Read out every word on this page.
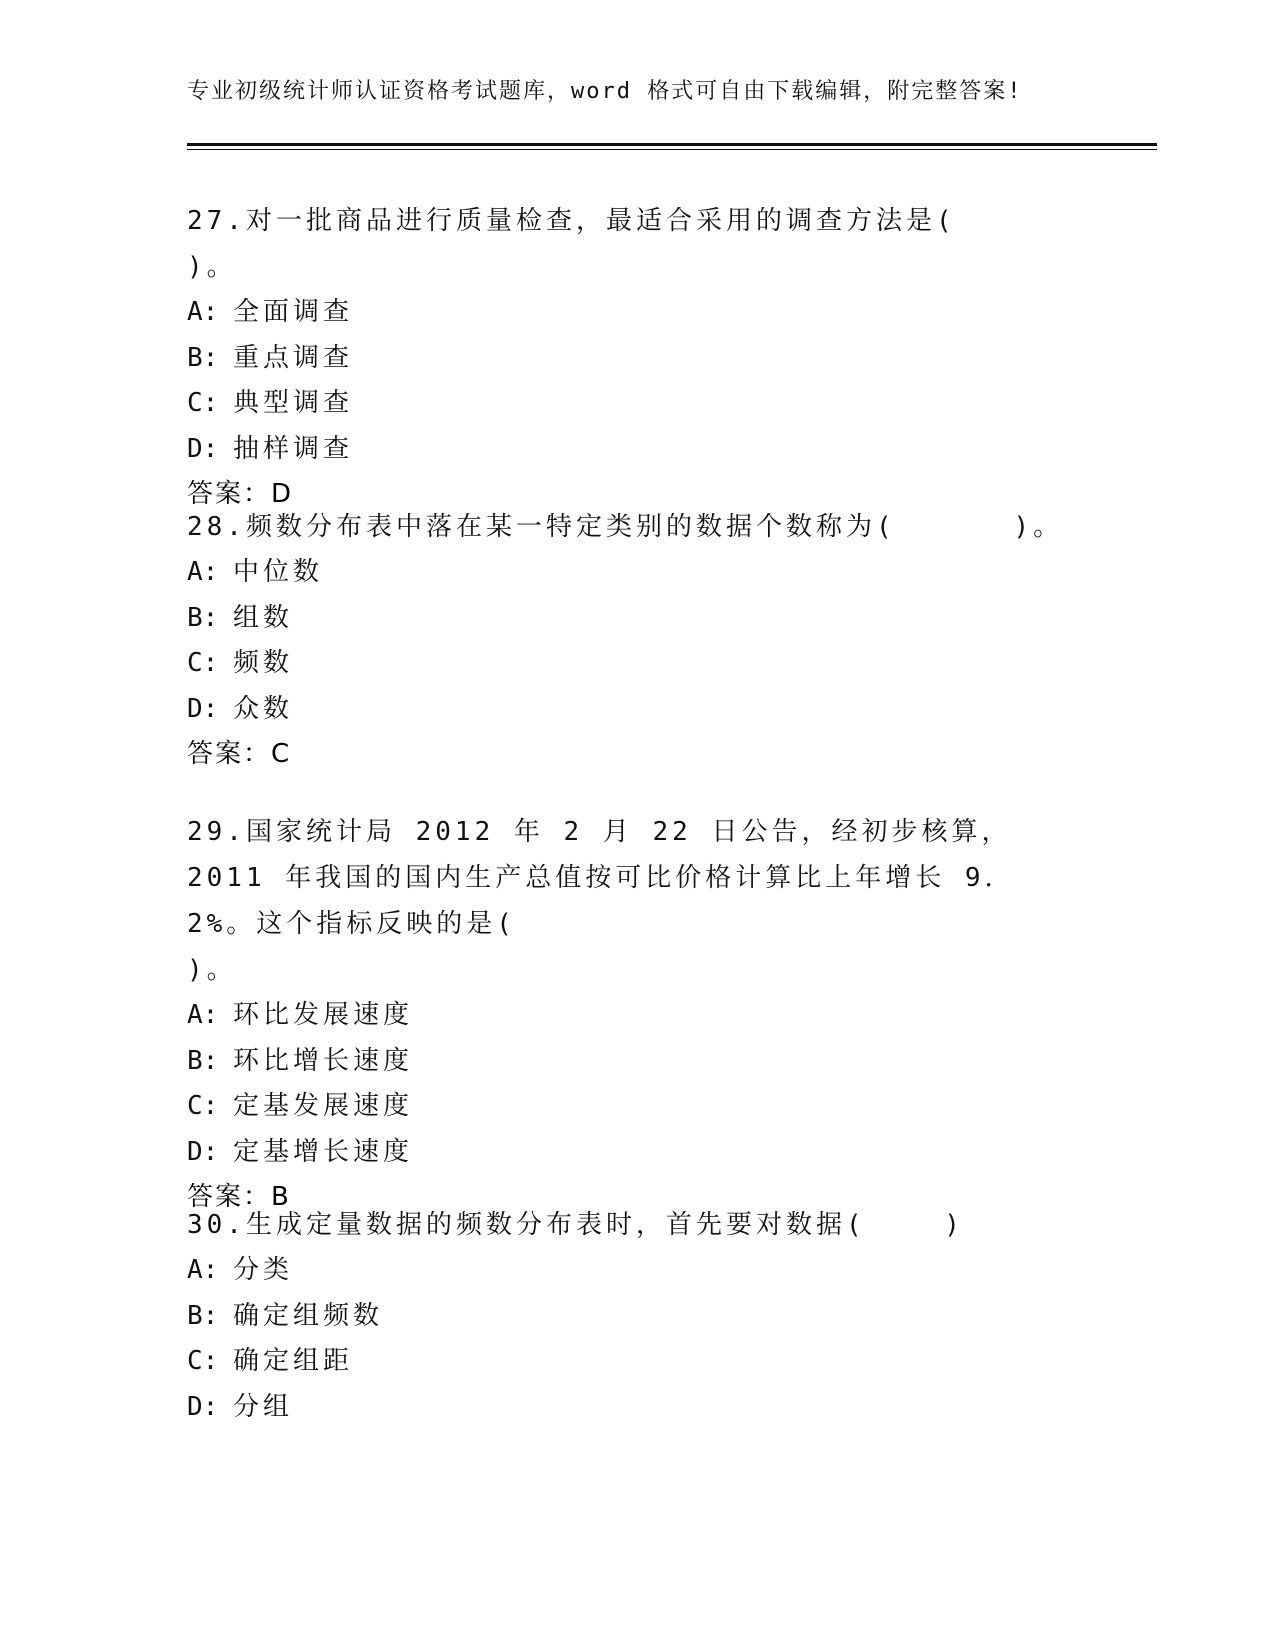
专业初级统计师认证资格考试题库，word 格式可自由下载编辑，附完整答案!

27.对一批商品进行质量检查，最适合采用的调查方法是(      )。

A: 全面调查
B: 重点调查
C: 典型调查
D: 抽样调查
答案：D

28.频数分布表中落在某一特定类别的数据个数称为(      )。

A: 中位数
B: 组数
C: 频数
D: 众数
答案：C

29.国家统计局 2012 年 2 月 22 日公告，经初步核算，2011 年我国的国内生产总值按可比价格计算比上年增长 9．2%。这个指标反映的是(
)。

A: 环比发展速度
B: 环比增长速度
C: 定基发展速度
D: 定基增长速度
答案：B

30.生成定量数据的频数分布表时，首先要对数据(    )

A: 分类
B: 确定组频数
C: 确定组距
D: 分组
